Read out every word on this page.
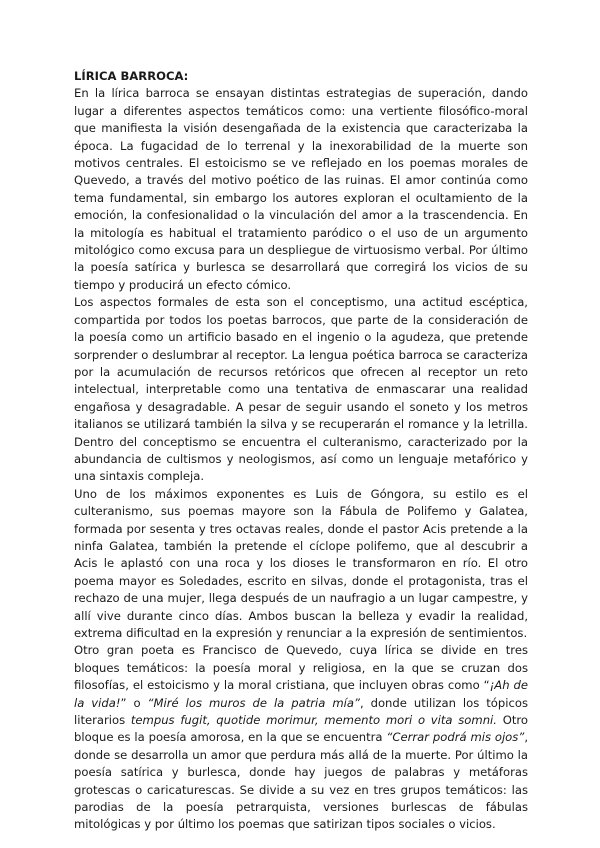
LÍRICA BARROCA:

En la lírica barroca se ensayan distintas estrategias de superación, dando lugar a diferentes aspectos temáticos como: una vertiente filosófico-moral que manifiesta la visión desengañada de la existencia que caracterizaba la época. La fugacidad de lo terrenal y la inexorabilidad de la muerte son motivos centrales. El estoicismo se ve reflejado en los poemas morales de Quevedo, a través del motivo poético de las ruinas. El amor continúa como tema fundamental, sin embargo los autores exploran el ocultamiento de la emoción, la confesionalidad o la vinculación del amor a la trascendencia. En la mitología es habitual el tratamiento paródico o el uso de un argumento mitológico como excusa para un despliegue de virtuosismo verbal. Por último la poesía satírica y burlesca se desarrollará que corregirá los vicios de su tiempo y producirá un efecto cómico.

Los aspectos formales de esta son el conceptismo, una actitud escéptica, compartida por todos los poetas barrocos, que parte de la consideración de la poesía como un artificio basado en el ingenio o la agudeza, que pretende sorprender o deslumbrar al receptor. La lengua poética barroca se caracteriza por la acumulación de recursos retóricos que ofrecen al receptor un reto intelectual, interpretable como una tentativa de enmascarar una realidad engañosa y desagradable. A pesar de seguir usando el soneto y los metros italianos se utilizará también la silva y se recuperarán el romance y la letrilla. Dentro del conceptismo se encuentra el culteranismo, caracterizado por la abundancia de cultismos y neologismos, así como un lenguaje metafórico y una sintaxis compleja.

Uno de los máximos exponentes es Luis de Góngora, su estilo es el culteranismo, sus poemas mayore son la Fábula de Polifemo y Galatea, formada por sesenta y tres octavas reales, donde el pastor Acis pretende a la ninfa Galatea, también la pretende el cíclope polifemo, que al descubrir a Acis le aplastó con una roca y los dioses le transformaron en río. El otro poema mayor es Soledades, escrito en silvas, donde el protagonista, tras el rechazo de una mujer, llega después de un naufragio a un lugar campestre, y allí vive durante cinco días. Ambos buscan la belleza y evadir la realidad, extrema dificultad en la expresión y renunciar a la expresión de sentimientos.

Otro gran poeta es Francisco de Quevedo, cuya lírica se divide en tres bloques temáticos: la poesía moral y religiosa, en la que se cruzan dos filosofías, el estoicismo y la moral cristiana, que incluyen obras como “¡Ah de la vida!” o “Miré los muros de la patria mía”, donde utilizan los tópicos literarios tempus fugit, quotide morimur, memento mori o vita somni. Otro bloque es la poesía amorosa, en la que se encuentra “Cerrar podrá mis ojos”, donde se desarrolla un amor que perdura más allá de la muerte. Por último la poesía satírica y burlesca, donde hay juegos de palabras y metáforas grotescas o caricaturescas. Se divide a su vez en tres grupos temáticos: las parodias de la poesía petrarquista, versiones burlescas de fábulas mitológicas y por último los poemas que satirizan tipos sociales o vicios.
